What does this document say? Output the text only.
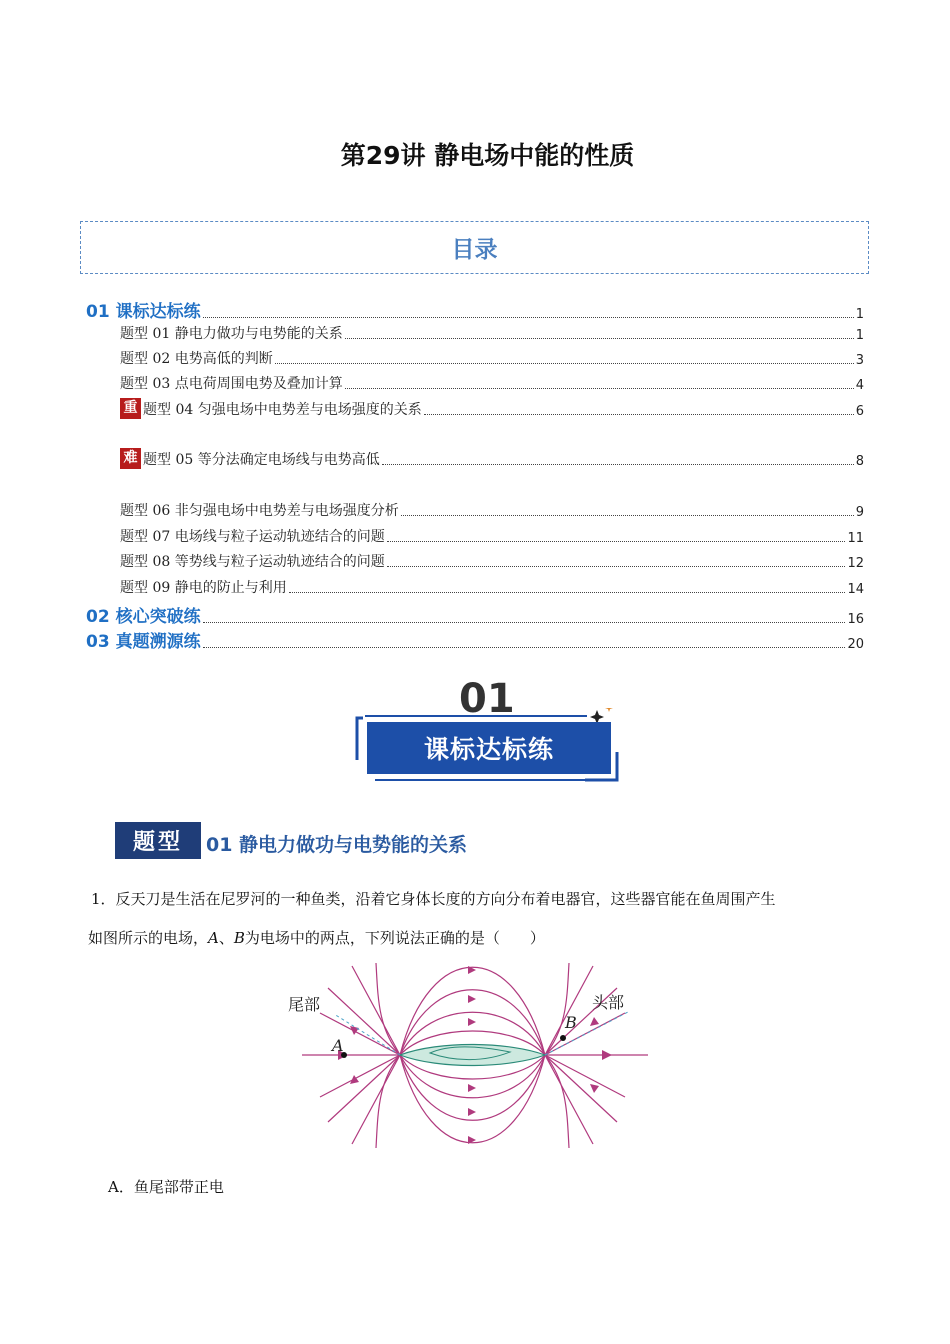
第29讲 静电场中能的性质
目录
01 课标达标练	1
题型 01 静电力做功与电势能的关系	1
题型 02 电势高低的判断	3
题型 03 点电荷周围电势及叠加计算	4
重 题型 04 匀强电场中电势差与电场强度的关系	6
难 题型 05 等分法确定电场线与电势高低	8
题型 06 非匀强电场中电势差与电场强度分析	9
题型 07 电场线与粒子运动轨迹结合的问题	11
题型 08 等势线与粒子运动轨迹结合的问题	12
题型 09 静电的防止与利用	14
02 核心突破练	16
03 真题溯源练	20
01
课标达标练
题型 01 静电力做功与电势能的关系
1．反天刀是生活在尼罗河的一种鱼类，沿着它身体长度的方向分布着电器官，这些器官能在鱼周围产生
如图所示的电场，A、B为电场中的两点，下列说法正确的是（　　）
尾部	头部
A
B
A．鱼尾部带正电
